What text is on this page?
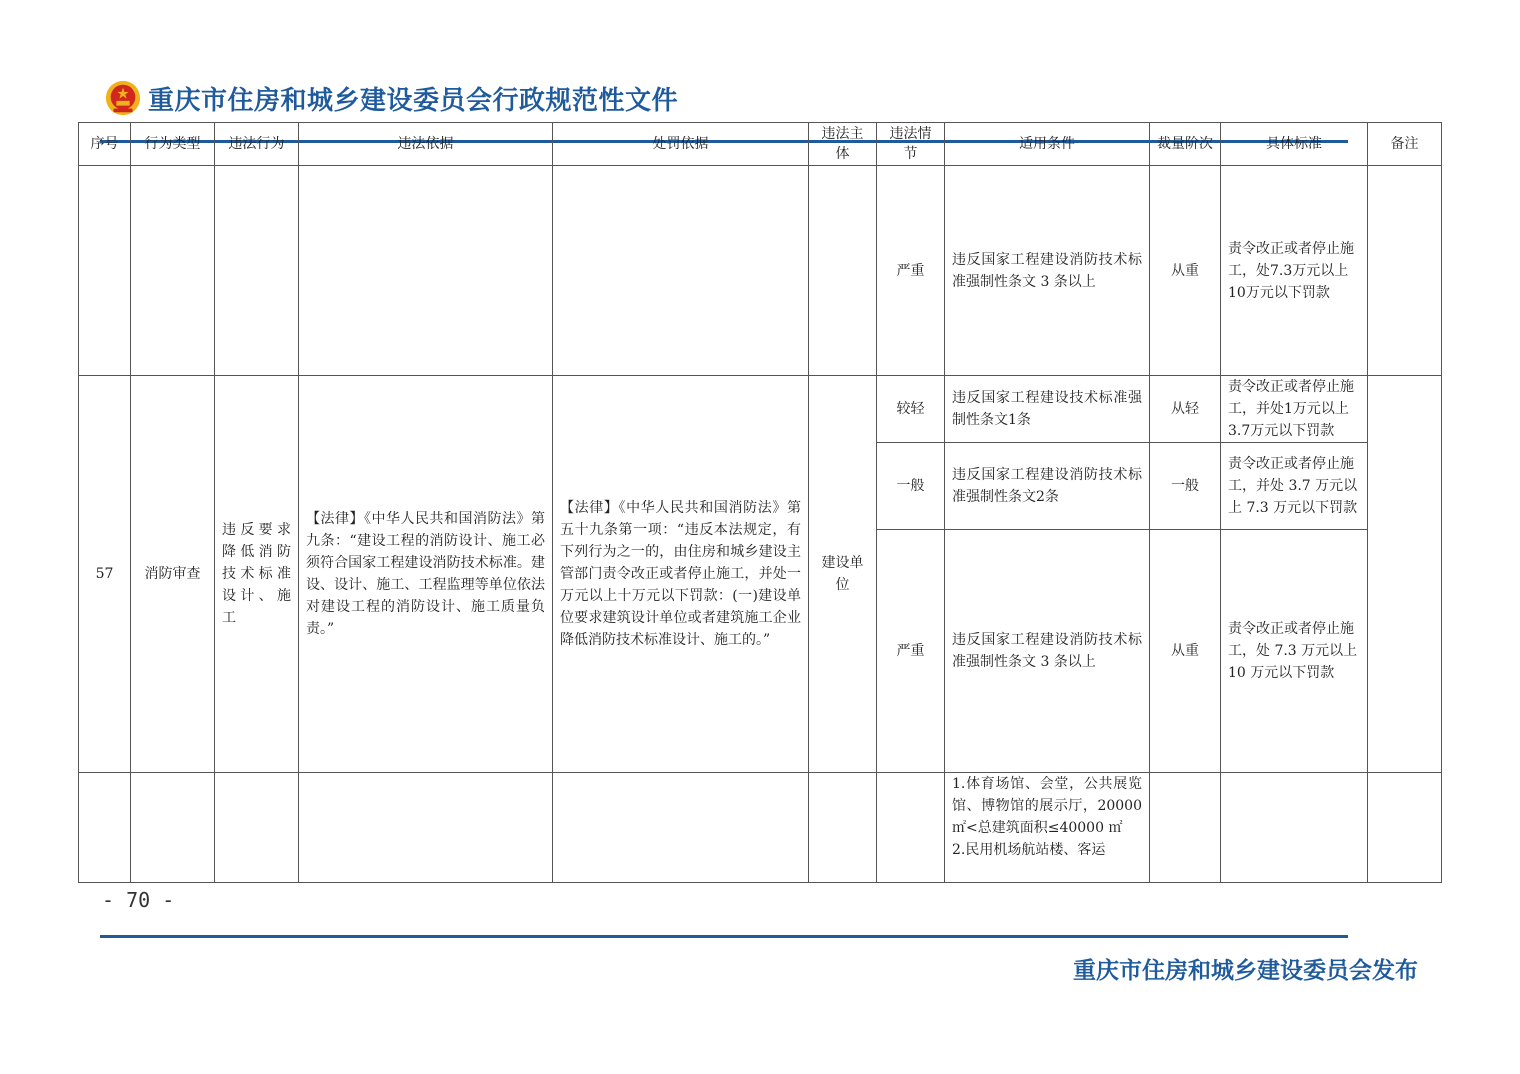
重庆市住房和城乡建设委员会行政规范性文件
序号	行为类型	违法行为	违法依据	处罚依据	违法主体	违法情节	适用条件	裁量阶次	具体标准	备注
						严重	违反国家工程建设消防技术标准强制性条文 3 条以上	从重	责令改正或者停止施工，处7.3万元以上10万元以下罚款	
57	消防审查	违反要求降低消防技术标准设计、施工	【法律】《中华人民共和国消防法》第九条：“建设工程的消防设计、施工必须符合国家工程建设消防技术标准。建设、设计、施工、工程监理等单位依法对建设工程的消防设计、施工质量负责。”	【法律】《中华人民共和国消防法》第五十九条第一项：“违反本法规定，有下列行为之一的，由住房和城乡建设主管部门责令改正或者停止施工，并处一万元以上十万元以下罚款：(一)建设单位要求建筑设计单位或者建筑施工企业降低消防技术标准设计、施工的。”	建设单位	较轻	违反国家工程建设技术标准强制性条文1条	从轻	责令改正或者停止施工，并处1万元以上3.7万元以下罚款	
						一般	违反国家工程建设消防技术标准强制性条文2条	一般	责令改正或者停止施工，并处 3.7 万元以上 7.3 万元以下罚款	
						严重	违反国家工程建设消防技术标准强制性条文 3 条以上	从重	责令改正或者停止施工，处 7.3 万元以上 10 万元以下罚款	
							1.体育场馆、会堂，公共展览馆、博物馆的展示厅，20000 ㎡<总建筑面积≤40000 ㎡
2.民用机场航站楼、客运			
- 70 -
重庆市住房和城乡建设委员会发布
